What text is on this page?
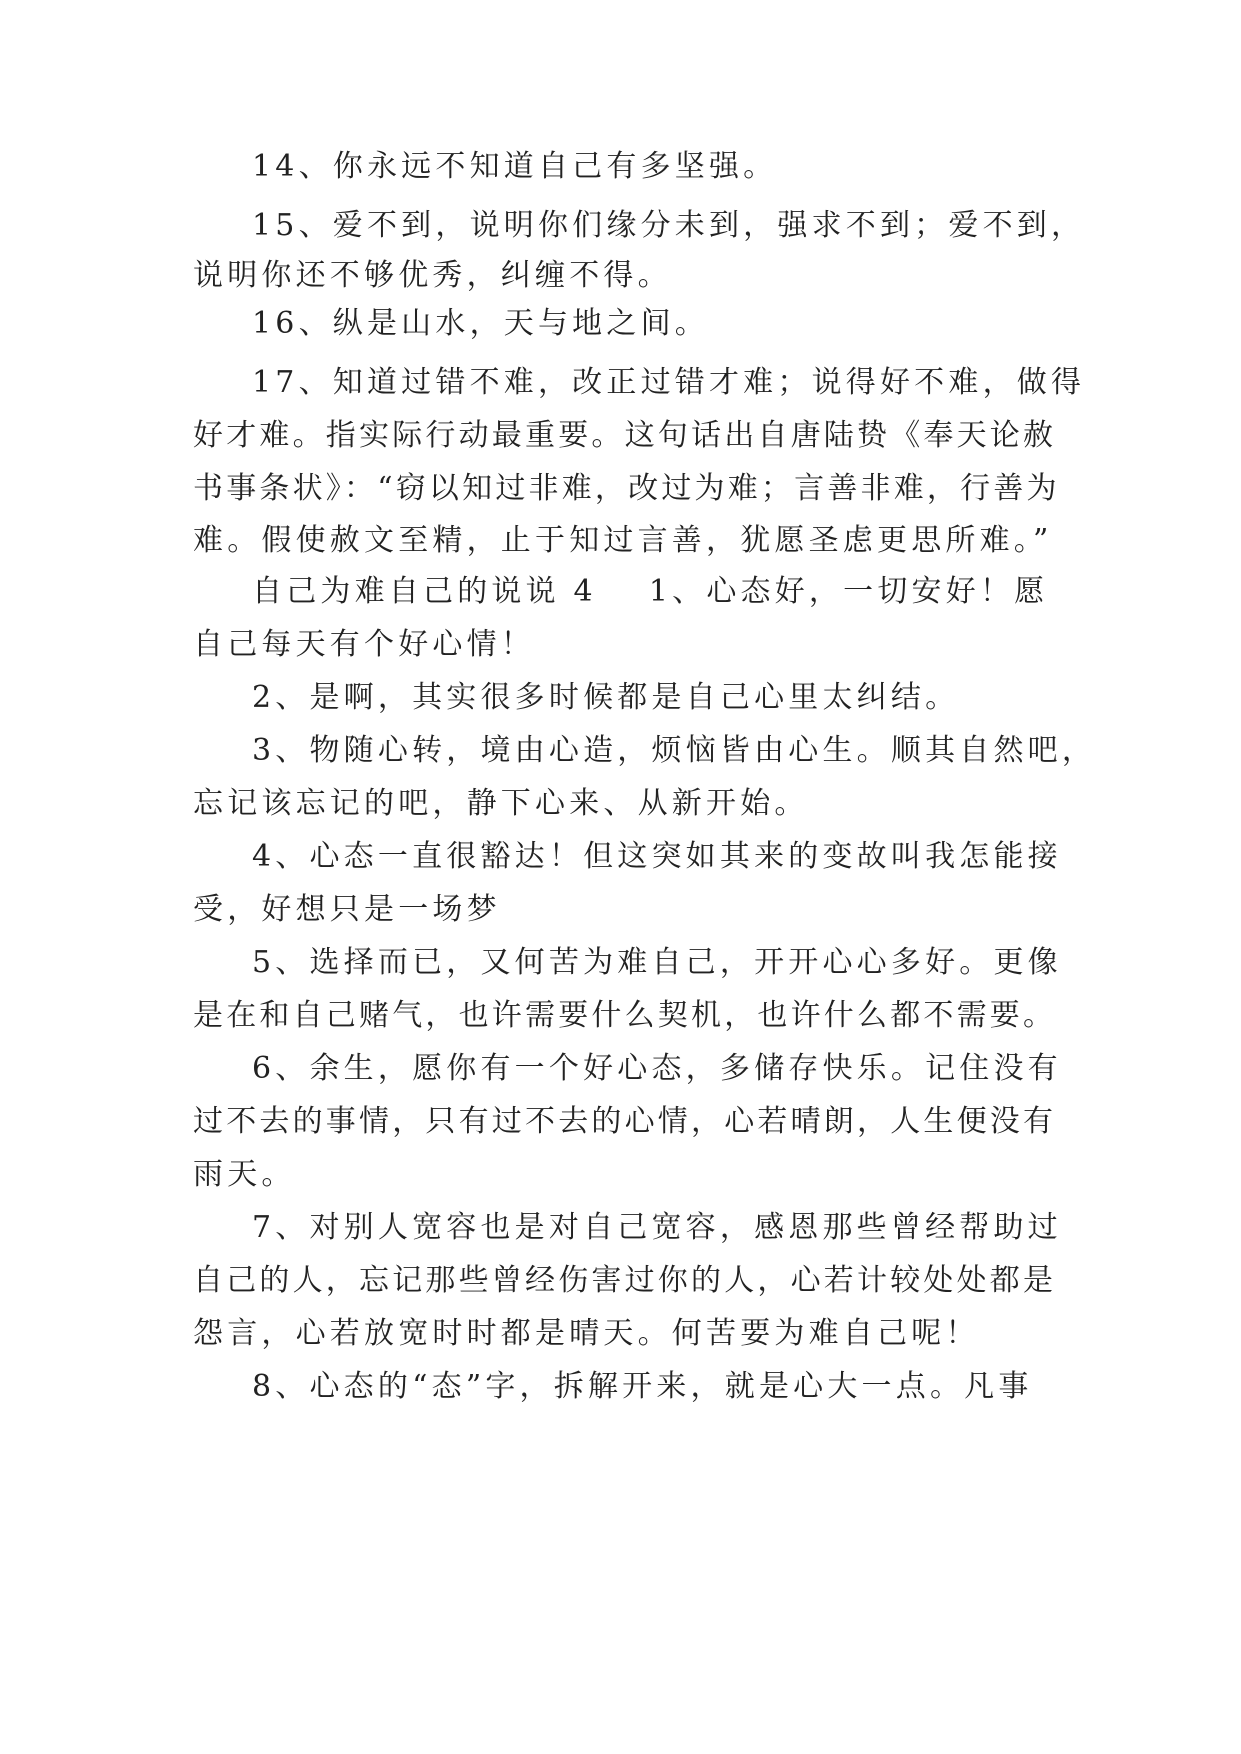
14、你永远不知道自己有多坚强。

15、爱不到，说明你们缘分未到，强求不到；爱不到，

说明你还不够优秀，纠缠不得。

16、纵是山水，天与地之间。

17、知道过错不难，改正过错才难；说得好不难，做得

好才难。指实际行动最重要。这句话出自唐陆贽《奉天论赦

书事条状》：“窃以知过非难，改过为难；言善非难，行善为

难。假使赦文至精，止于知过言善，犹愿圣虑更思所难。”

自己为难自己的说说 4 1、心态好，一切安好！愿

自己每天有个好心情！

2、是啊，其实很多时候都是自己心里太纠结。

3、物随心转，境由心造，烦恼皆由心生。顺其自然吧，

忘记该忘记的吧，静下心来、从新开始。

4、心态一直很豁达！但这突如其来的变故叫我怎能接

受，好想只是一场梦

5、选择而已，又何苦为难自己，开开心心多好。更像

是在和自己赌气，也许需要什么契机，也许什么都不需要。

6、余生，愿你有一个好心态，多储存快乐。记住没有

过不去的事情，只有过不去的心情，心若晴朗，人生便没有

雨天。

7、对别人宽容也是对自己宽容，感恩那些曾经帮助过

自己的人，忘记那些曾经伤害过你的人，心若计较处处都是

怨言，心若放宽时时都是晴天。何苦要为难自己呢！

8、心态的“态”字，拆解开来，就是心大一点。凡事
